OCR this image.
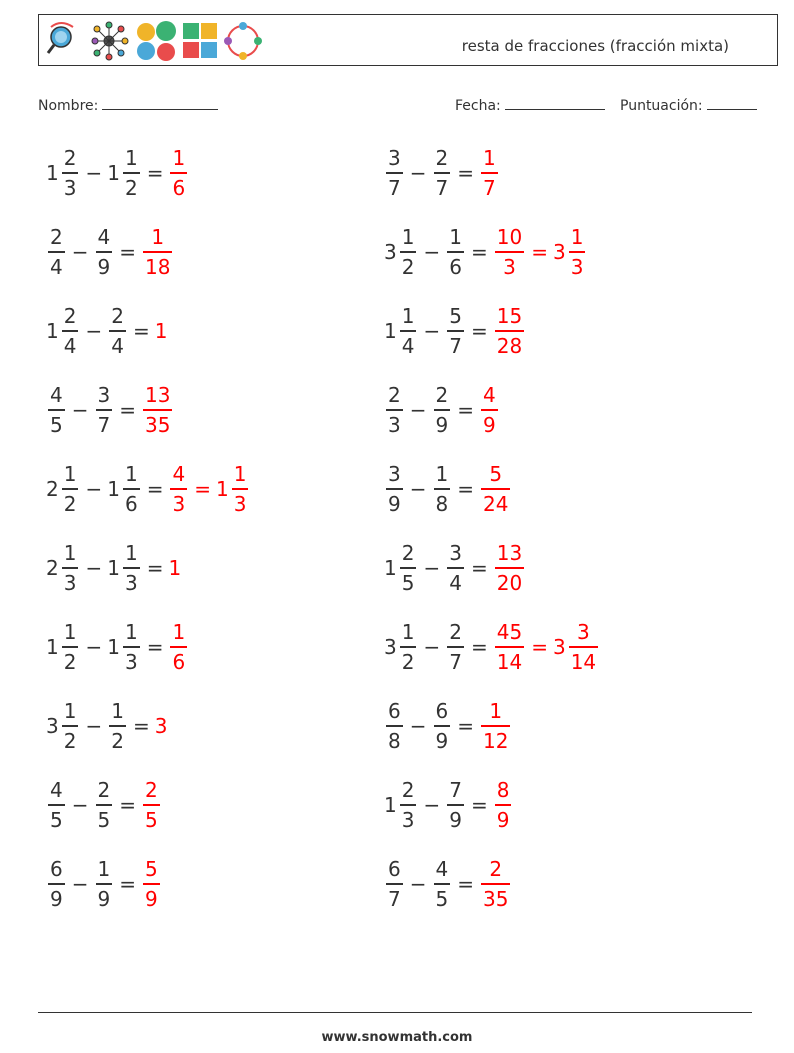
resta de fracciones (fracción mixta)
Nombre:	Fecha:	Puntuación:
$1 \frac{2}{3} - 1 \frac{1}{2} = \frac{1}{6}$	$\frac{3}{7} - \frac{2}{7} = \frac{1}{7}$
$\frac{2}{4} - \frac{4}{9} = \frac{1}{18}$	$3 \frac{1}{2} - \frac{1}{6} = \frac{10}{3} = 3 \frac{1}{3}$
$1 \frac{2}{4} - \frac{2}{4} = 1$	$1 \frac{1}{4} - \frac{5}{7} = \frac{15}{28}$
$\frac{4}{5} - \frac{3}{7} = \frac{13}{35}$	$\frac{2}{3} - \frac{2}{9} = \frac{4}{9}$
$2 \frac{1}{2} - 1 \frac{1}{6} = \frac{4}{3} = 1 \frac{1}{3}$	$\frac{3}{9} - \frac{1}{8} = \frac{5}{24}$
$2 \frac{1}{3} - 1 \frac{1}{3} = 1$	$1 \frac{2}{5} - \frac{3}{4} = \frac{13}{20}$
$1 \frac{1}{2} - 1 \frac{1}{3} = \frac{1}{6}$	$3 \frac{1}{2} - \frac{2}{7} = \frac{45}{14} = 3 \frac{3}{14}$
$3 \frac{1}{2} - \frac{1}{2} = 3$	$\frac{6}{8} - \frac{6}{9} = \frac{1}{12}$
$\frac{4}{5} - \frac{2}{5} = \frac{2}{5}$	$1 \frac{2}{3} - \frac{7}{9} = \frac{8}{9}$
$\frac{6}{9} - \frac{1}{9} = \frac{5}{9}$	$\frac{6}{7} - \frac{4}{5} = \frac{2}{35}$
www.snowmath.com
